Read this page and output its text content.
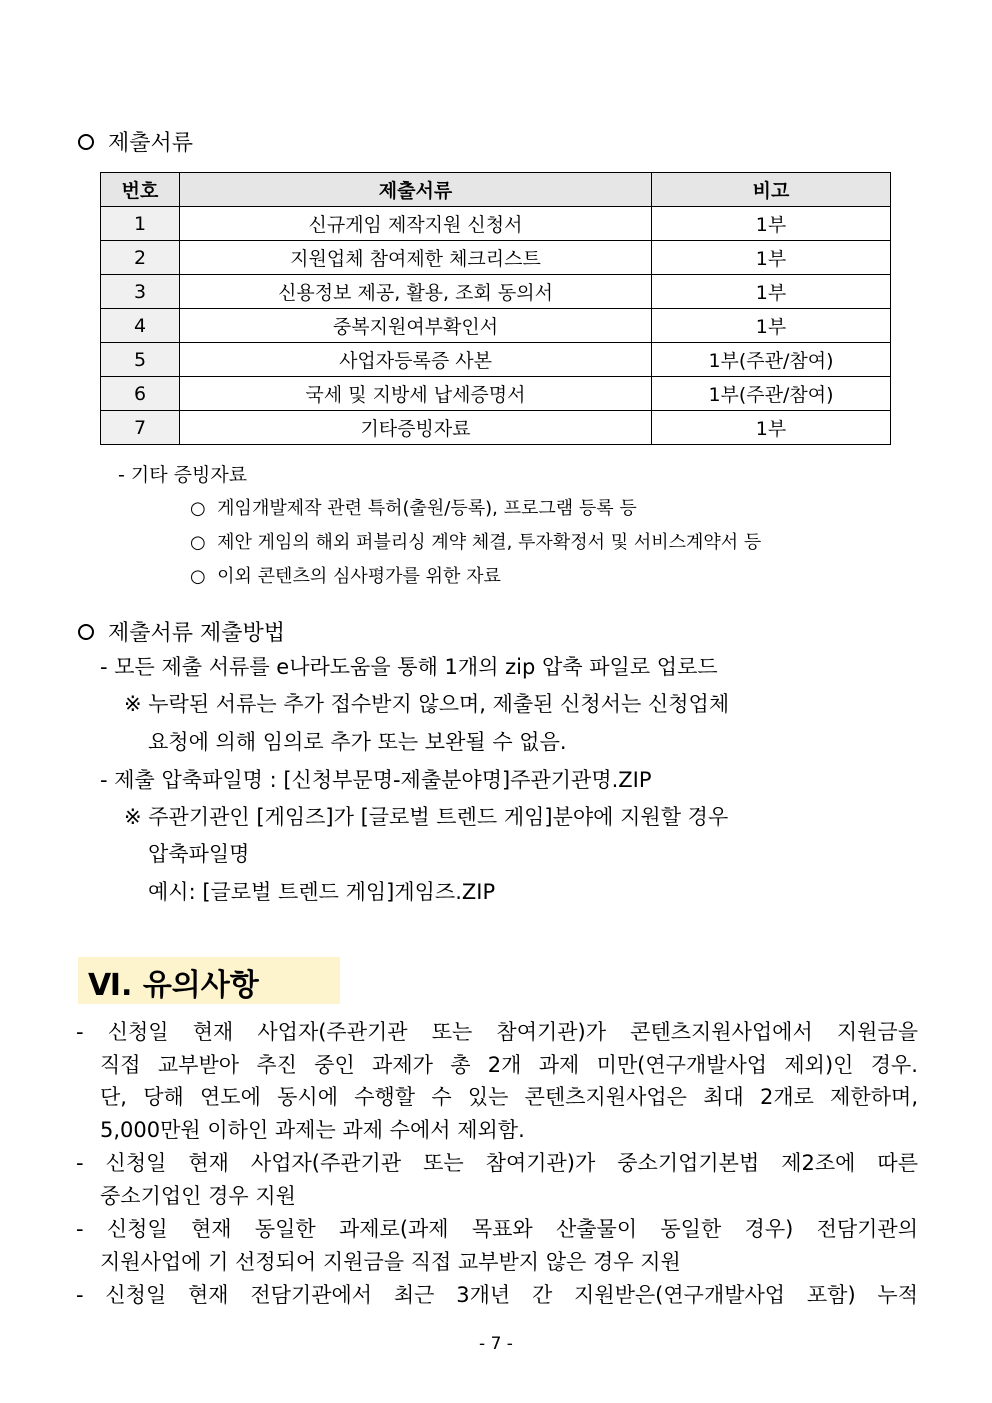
제출서류
번호	제출서류	비고
1	신규게임 제작지원 신청서	1부
2	지원업체 참여제한 체크리스트	1부
3	신용정보 제공, 활용, 조회 동의서	1부
4	중복지원여부확인서	1부
5	사업자등록증 사본	1부(주관/참여)
6	국세 및 지방세 납세증명서	1부(주관/참여)
7	기타증빙자료	1부
- 기타 증빙자료
○ 게임개발제작 관련 특허(출원/등록), 프로그램 등록 등
○ 제안 게임의 해외 퍼블리싱 계약 체결, 투자확정서 및 서비스계약서 등
○ 이외 콘텐츠의 심사평가를 위한 자료
제출서류 제출방법
- 모든 제출 서류를 e나라도움을 통해 1개의 zip 압축 파일로 업로드
※ 누락된 서류는 추가 접수받지 않으며, 제출된 신청서는 신청업체
요청에 의해 임의로 추가 또는 보완될 수 없음.
- 제출 압축파일명 : [신청부문명-제출분야명]주관기관명.ZIP
※ 주관기관인 [게임즈]가 [글로벌 트렌드 게임]분야에 지원할 경우
압축파일명
예시: [글로벌 트렌드 게임]게임즈.ZIP
Ⅵ. 유의사항
- 신청일 현재 사업자(주관기관 또는 참여기관)가 콘텐츠지원사업에서 지원금을
직접 교부받아 추진 중인 과제가 총 2개 과제 미만(연구개발사업 제외)인 경우.
단, 당해 연도에 동시에 수행할 수 있는 콘텐츠지원사업은 최대 2개로 제한하며,
5,000만원 이하인 과제는 과제 수에서 제외함.
- 신청일 현재 사업자(주관기관 또는 참여기관)가 중소기업기본법 제2조에 따른
중소기업인 경우 지원
- 신청일 현재 동일한 과제로(과제 목표와 산출물이 동일한 경우) 전담기관의
지원사업에 기 선정되어 지원금을 직접 교부받지 않은 경우 지원
- 신청일 현재 전담기관에서 최근 3개년 간 지원받은(연구개발사업 포함) 누적
- 7 -
